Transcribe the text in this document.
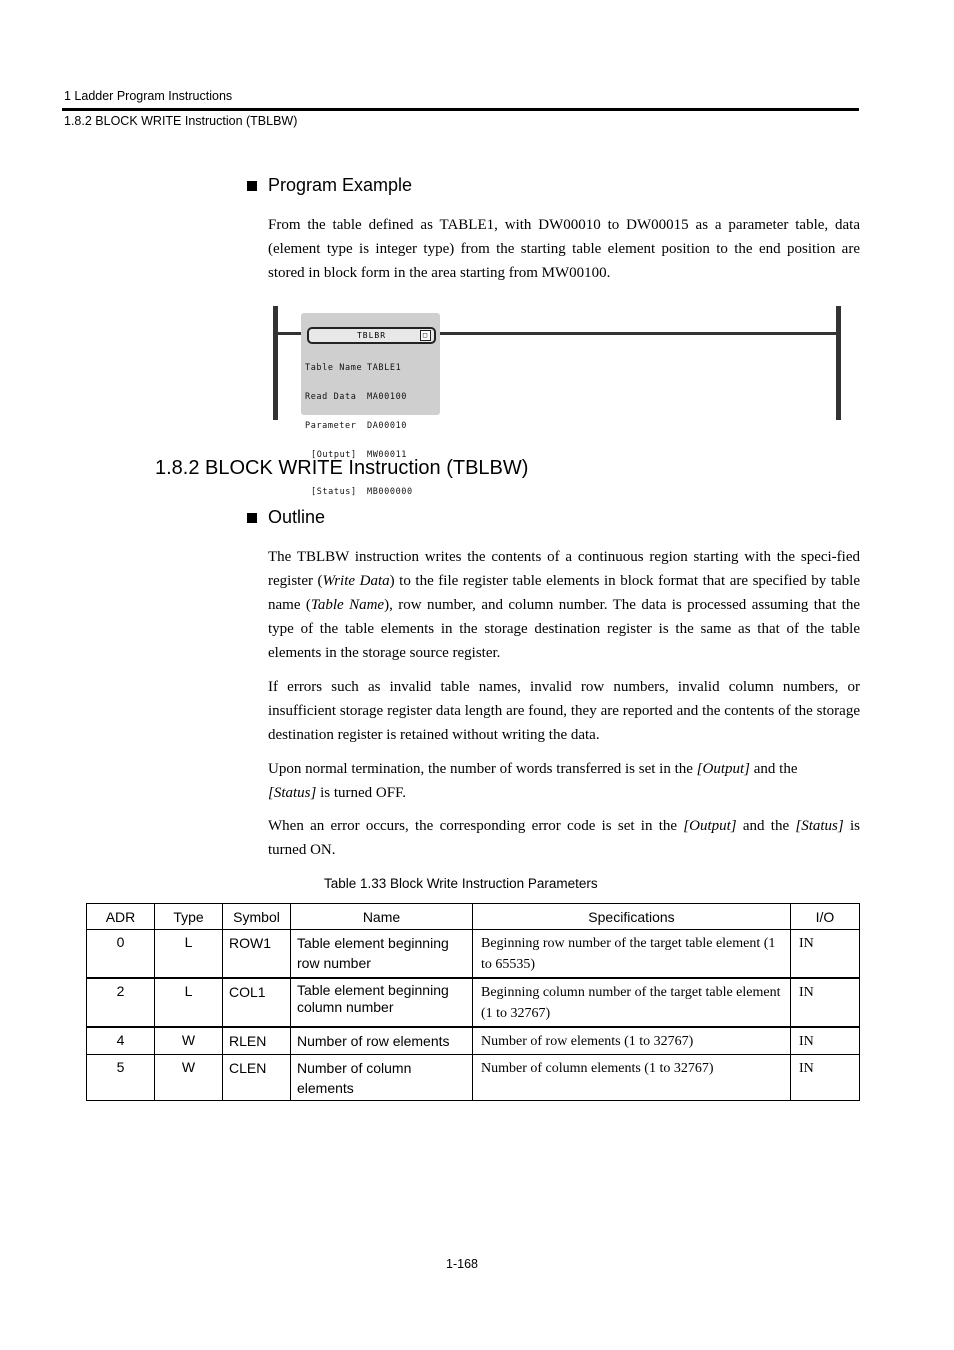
1 Ladder Program Instructions
1.8.2 BLOCK WRITE Instruction (TBLBW)
Program Example
From the table defined as TABLE1, with DW00010 to DW00015 as a parameter table, data (element type is integer type) from the starting table element position to the end position are stored in block form in the area starting from MW00100.
TBLBR	□

Table Name TABLE1

Read Data	MA00100

Parameter	DA00010

[Output]	MW00011

[Status]	MB000000

1.8.2 BLOCK WRITE Instruction (TBLBW)
Outline
The TBLBW instruction writes the contents of a continuous region starting with the speci-fied register (Write Data) to the file register table elements in block format that are specified by table name (Table Name), row number, and column number. The data is processed assuming that the type of the table elements in the storage destination register is the same as that of the table elements in the storage source register.
If errors such as invalid table names, invalid row numbers, invalid column numbers, or insufficient storage register data length are found, they are reported and the contents of the storage destination register is retained without writing the data.
Upon normal termination, the number of words transferred is set in the [Output] and the
[Status] is turned OFF.
When an error occurs, the corresponding error code is set in the [Output] and the [Status] is turned ON.
Table 1.33 Block Write Instruction Parameters
ADR	Type	Symbol	Name	Specifications	I/O
0	L	ROW1	Table element beginning row number	Beginning row number of the target table element (1 to 65535)	IN
2	L	COL1	Table element beginning column number	Beginning column number of the target table element (1 to 32767)	IN
4	W	RLEN	Number of row elements	Number of row elements (1 to 32767)	IN
5	W	CLEN	Number of column elements	Number of column elements (1 to 32767)	IN
1-168
